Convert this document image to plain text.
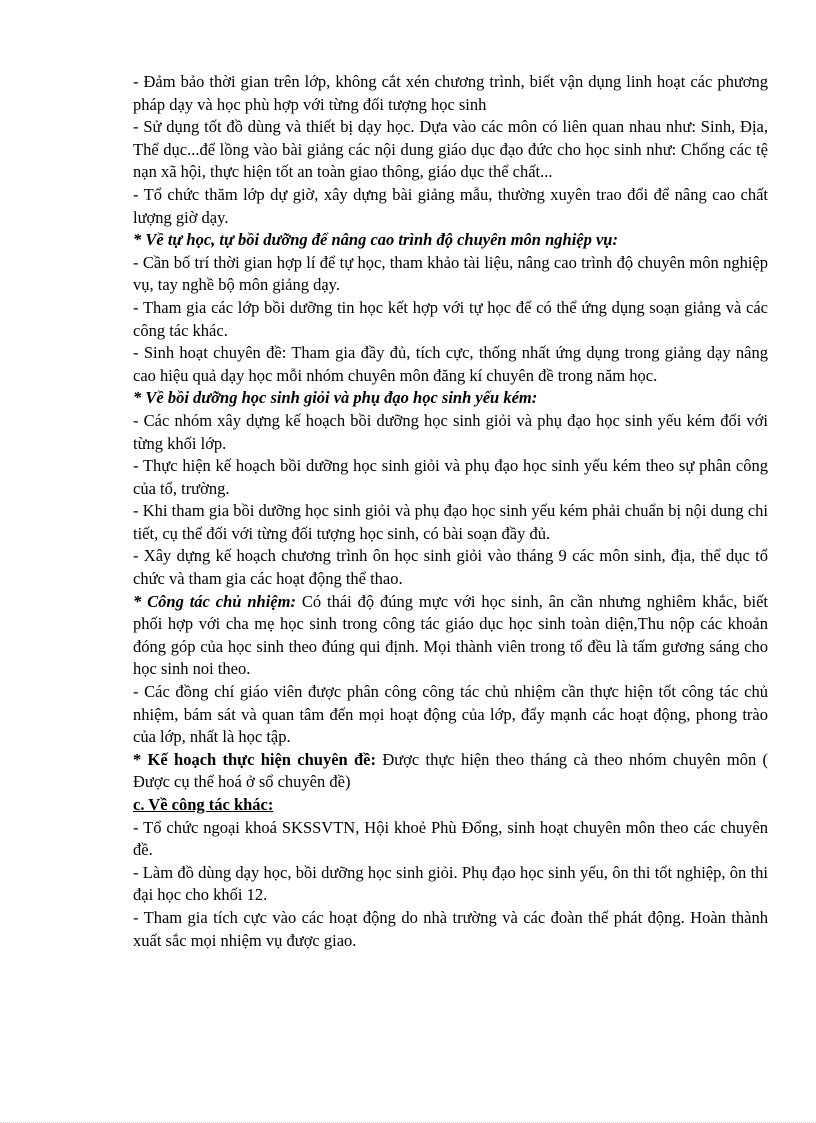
- Đảm bảo thời gian trên lớp, không cắt xén chương trình, biết vận dụng linh hoạt các phương pháp dạy và học phù hợp với từng đối tượng học sinh

- Sử dụng tốt đồ dùng và thiết bị dạy học. Dựa vào các môn có liên quan nhau như: Sinh, Địa, Thể dục...để lồng vào bài giảng các nội dung giáo dục đạo đức cho học sinh như: Chống các tệ nạn xã hội, thực hiện tốt an toàn giao thông, giáo dục thể chất...

- Tổ chức thăm lớp dự giờ, xây dựng bài giảng mẫu, thường xuyên trao đổi để nâng cao chất lượng giờ dạy.

* Về tự học, tự bồi dưỡng để nâng cao trình độ chuyên môn nghiệp vụ:

- Cần bố trí thời gian hợp lí để tự học, tham khảo tài liệu, nâng cao trình độ chuyên môn nghiệp vụ, tay nghề bộ môn giảng dạy.

- Tham gia các lớp bồi dưỡng tin học kết hợp với tự học để có thể ứng dụng soạn giảng và các công tác khác.

- Sinh hoạt chuyên đề: Tham gia đầy đủ, tích cực, thống nhất ứng dụng trong giảng dạy nâng cao hiệu quả dạy học mỗi nhóm chuyên môn đăng kí chuyên đề trong năm học.

* Về bồi dưỡng học sinh giỏi và phụ đạo học sinh yếu kém:

- Các nhóm xây dựng kế hoạch bồi dưỡng học sinh giỏi và phụ đạo học sinh yếu kém đối với từng khối lớp.

- Thực hiện kế hoạch bồi dưỡng học sinh giỏi và phụ đạo học sinh yếu kém theo sự phân công của tổ, trường.

- Khi tham gia bồi dưỡng học sinh giỏi và phụ đạo học sinh yếu kém phải chuẩn bị nội dung chi tiết, cụ thể đối với từng đối tượng học sinh, có bài soạn đầy đủ.

- Xây dựng kế hoạch chương trình ôn học sinh giỏi vào tháng 9 các môn sinh, địa, thể dục tổ chức và tham gia các hoạt động thể thao.

* Công tác chủ nhiệm: Có thái độ đúng mực với học sinh, ân cần nhưng nghiêm khắc, biết phối hợp với cha mẹ học sinh trong công tác giáo dục học sinh toàn diện,Thu nộp các khoản đóng góp của học sinh theo đúng qui định. Mọi thành viên trong tổ đều là tấm gương sáng cho học sinh noi theo.

- Các đồng chí giáo viên được phân công công tác chủ nhiệm cần thực hiện tốt công tác chủ nhiệm, bám sát và quan tâm đến mọi hoạt động của lớp, đẩy mạnh các hoạt động, phong trào của lớp, nhất là học tập.

* Kế hoạch thực hiện chuyên đề: Được thực hiện theo tháng cà theo nhóm chuyên môn ( Được cụ thể hoá ở sổ chuyên đề)

c. Về công tác khác:

- Tổ chức ngoại khoá SKSSVTN, Hội khoẻ Phù Đổng, sinh hoạt chuyên môn theo các chuyên đề.

- Làm đồ dùng dạy học, bồi dưỡng học sinh giỏi. Phụ đạo học sinh yếu, ôn thi tốt nghiệp, ôn thi đại học cho khối 12.

- Tham gia tích cực vào các hoạt động do nhà trường và các đoàn thể phát động. Hoàn thành xuất sắc mọi nhiệm vụ được giao.
